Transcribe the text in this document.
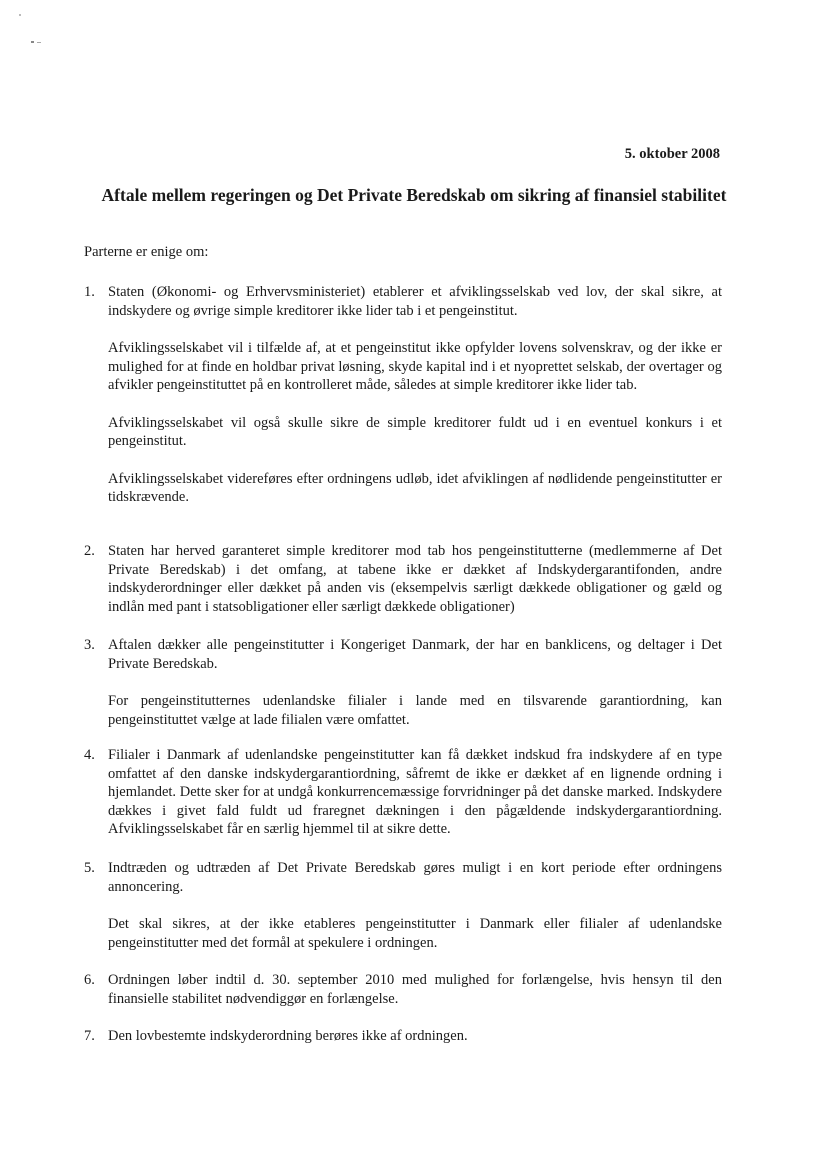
5. oktober 2008
Aftale mellem regeringen og Det Private Beredskab om sikring af finansiel stabilitet
Parterne er enige om:
1. Staten (Økonomi- og Erhvervsministeriet) etablerer et afviklingsselskab ved lov, der skal sikre, at indskydere og øvrige simple kreditorer ikke lider tab i et pengeinstitut.

Afviklingsselskabet vil i tilfælde af, at et pengeinstitut ikke opfylder lovens solvenskrav, og der ikke er mulighed for at finde en holdbar privat løsning, skyde kapital ind i et nyoprettet selskab, der overtager og afvikler pengeinstituttet på en kontrolleret måde, således at simple kreditorer ikke lider tab.

Afviklingsselskabet vil også skulle sikre de simple kreditorer fuldt ud i en eventuel konkurs i et pengeinstitut.

Afviklingsselskabet videreføres efter ordningens udløb, idet afviklingen af nødlidende pengeinstitutter er tidskrævende.

2. Staten har herved garanteret simple kreditorer mod tab hos pengeinstitutterne (medlemmerne af Det Private Beredskab) i det omfang, at tabene ikke er dækket af Indskydergarantifonden, andre indskyderordninger eller dækket på anden vis (eksempelvis særligt dækkede obligationer og gæld og indlån med pant i statsobligationer eller særligt dækkede obligationer)

3. Aftalen dækker alle pengeinstitutter i Kongeriget Danmark, der har en banklicens, og deltager i Det Private Beredskab.

For pengeinstitutternes udenlandske filialer i lande med en tilsvarende garantiordning, kan pengeinstituttet vælge at lade filialen være omfattet.

4. Filialer i Danmark af udenlandske pengeinstitutter kan få dækket indskud fra indskydere af en type omfattet af den danske indskydergarantiordning, såfremt de ikke er dækket af en lignende ordning i hjemlandet. Dette sker for at undgå konkurrencemæssige forvridninger på det danske marked. Indskydere dækkes i givet fald fuldt ud fraregnet dækningen i den pågældende indskydergarantiordning. Afviklingsselskabet får en særlig hjemmel til at sikre dette.

5. Indtræden og udtræden af Det Private Beredskab gøres muligt i en kort periode efter ordningens annoncering.

Det skal sikres, at der ikke etableres pengeinstitutter i Danmark eller filialer af udenlandske pengeinstitutter med det formål at spekulere i ordningen.

6. Ordningen løber indtil d. 30. september 2010 med mulighed for forlængelse, hvis hensyn til den finansielle stabilitet nødvendiggør en forlængelse.

7. Den lovbestemte indskyderordning berøres ikke af ordningen.
